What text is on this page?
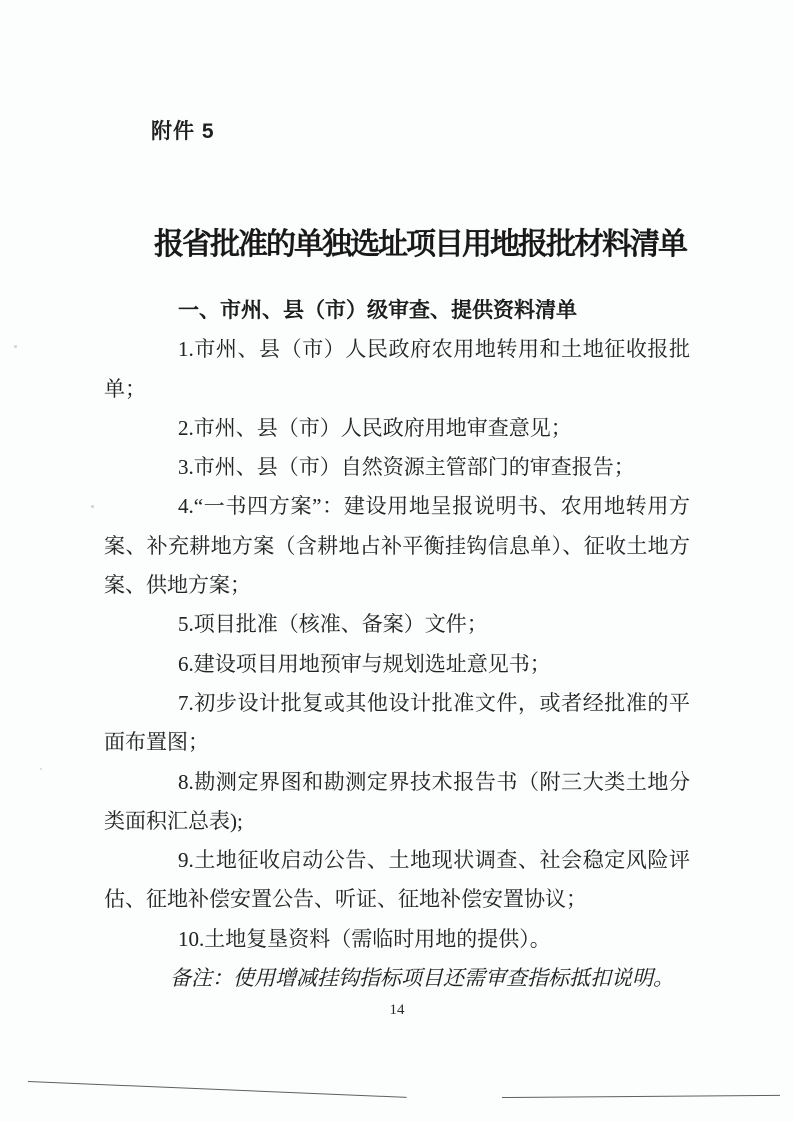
附件 5
报省批准的单独选址项目用地报批材料清单
一、市州、县（市）级审查、提供资料清单

1.市州、县（市）人民政府农用地转用和土地征收报批单；

2.市州、县（市）人民政府用地审查意见；

3.市州、县（市）自然资源主管部门的审查报告；

4.“一书四方案”：建设用地呈报说明书、农用地转用方案、补充耕地方案（含耕地占补平衡挂钩信息单）、征收土地方案、供地方案；

5.项目批准（核准、备案）文件；

6.建设项目用地预审与规划选址意见书；

7.初步设计批复或其他设计批准文件，或者经批准的平面布置图；

8.勘测定界图和勘测定界技术报告书（附三大类土地分类面积汇总表);

9.土地征收启动公告、土地现状调查、社会稳定风险评估、征地补偿安置公告、听证、征地补偿安置协议；

10.土地复垦资料（需临时用地的提供）。

备注：使用增减挂钩指标项目还需审查指标抵扣说明。

14
